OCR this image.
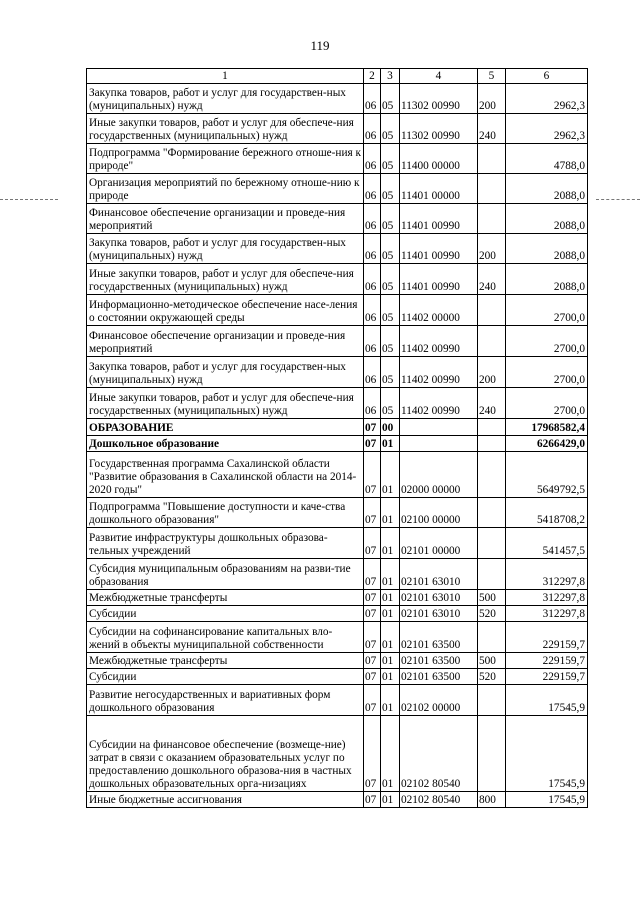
119
1	2	3	4	5	6
Закупка товаров, работ и услуг для государствен-ных (муниципальных) нужд	06	05	11302 00990	200	2962,3
Иные закупки товаров, работ и услуг для обеспече-ния государственных (муниципальных) нужд	06	05	11302 00990	240	2962,3
Подпрограмма "Формирование бережного отноше-ния к природе"	06	05	11400 00000		4788,0
Организация мероприятий по бережному отноше-нию к природе	06	05	11401 00000		2088,0
Финансовое обеспечение организации и проведе-ния мероприятий	06	05	11401 00990		2088,0
Закупка товаров, работ и услуг для государствен-ных (муниципальных) нужд	06	05	11401 00990	200	2088,0
Иные закупки товаров, работ и услуг для обеспече-ния государственных (муниципальных) нужд	06	05	11401 00990	240	2088,0
Информационно-методическое обеспечение насе-ления о состоянии окружающей среды	06	05	11402 00000		2700,0
Финансовое обеспечение организации и проведе-ния мероприятий	06	05	11402 00990		2700,0
Закупка товаров, работ и услуг для государствен-ных (муниципальных) нужд	06	05	11402 00990	200	2700,0
Иные закупки товаров, работ и услуг для обеспече-ния государственных (муниципальных) нужд	06	05	11402 00990	240	2700,0
ОБРАЗОВАНИЕ	07	00			17968582,4
Дошкольное образование	07	01			6266429,0
Государственная программа Сахалинской области "Развитие образования в Сахалинской области на 2014-2020 годы"	07	01	02000 00000		5649792,5
Подпрограмма "Повышение доступности и каче-ства дошкольного образования"	07	01	02100 00000		5418708,2
Развитие инфраструктуры дошкольных образова-тельных учреждений	07	01	02101 00000		541457,5
Субсидия муниципальным образованиям на разви-тие образования	07	01	02101 63010		312297,8
Межбюджетные трансферты	07	01	02101 63010	500	312297,8
Субсидии	07	01	02101 63010	520	312297,8
Субсидии на софинансирование капитальных вло-жений в объекты муниципальной собственности	07	01	02101 63500		229159,7
Межбюджетные трансферты	07	01	02101 63500	500	229159,7
Субсидии	07	01	02101 63500	520	229159,7
Развитие негосударственных и вариативных форм дошкольного образования	07	01	02102 00000		17545,9
Субсидии на финансовое обеспечение (возмеще-ние) затрат в связи с оказанием образовательных услуг по предоставлению дошкольного образова-ния в частных дошкольных образовательных орга-низациях	07	01	02102 80540		17545,9
Иные бюджетные ассигнования	07	01	02102 80540	800	17545,9
